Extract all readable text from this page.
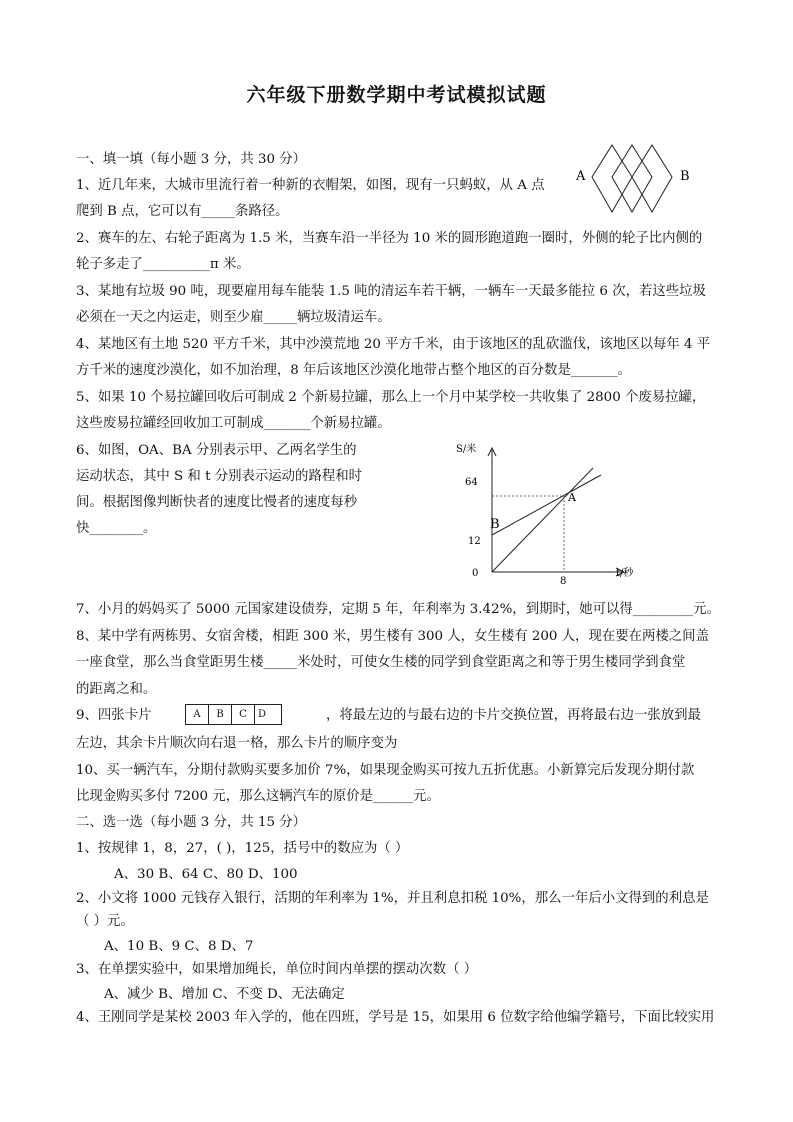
六年级下册数学期中考试模拟试题
一、填一填（每小题 3 分，共 30 分）
1、近几年来，大城市里流行着一种新的衣帽架，如图，现有一只蚂蚁，从 A 点
爬到 B 点，它可以有_____条路径。
A	B
2、赛车的左、右轮子距离为 1.5 米，当赛车沿一半径为 10 米的圆形跑道跑一圈时，外侧的轮子比内侧的
轮子多走了__________π 米。
3、某地有垃圾 90 吨，现要雇用每车能装 1.5 吨的清运车若干辆，一辆车一天最多能拉 6 次，若这些垃圾
必须在一天之内运走，则至少雇_____辆垃圾清运车。
4、某地区有土地 520 平方千米，其中沙漠荒地 20 平方千米，由于该地区的乱砍滥伐，该地区以每年 4 平
方千米的速度沙漠化，如不加治理，8 年后该地区沙漠化地带占整个地区的百分数是_______。
5、如果 10 个易拉罐回收后可制成 2 个新易拉罐，那么上一个月中某学校一共收集了 2800 个废易拉罐，
这些废易拉罐经回收加工可制成_______个新易拉罐。
6、如图，OA、BA 分别表示甲、乙两名学生的
运动状态，其中 S 和 t 分别表示运动的路程和时
间。根据图像判断快者的速度比慢者的速度每秒
快________。
S/米
t/秒
64
12
8
0
A
B
7、小月的妈妈买了 5000 元国家建设债券，定期 5 年，年利率为 3.42%，到期时，她可以得_________元。
8、某中学有两栋男、女宿舍楼，相距 300 米，男生楼有 300 人，女生楼有 200 人，现在要在两楼之间盖
一座食堂，那么当食堂距男生楼_____米处时，可使女生楼的同学到食堂距离之和等于男生楼同学到食堂
的距离之和。
9、四张卡片	A	B	C	D	，将最左边的与最右边的卡片交换位置，再将最右边一张放到最
左边，其余卡片顺次向右退一格，那么卡片的顺序变为
10、买一辆汽车，分期付款购买要多加价 7%，如果现金购买可按九五折优惠。小新算完后发现分期付款
比现金购买多付 7200 元，那么这辆汽车的原价是______元。
二、选一选（每小题 3 分，共 15 分）
1、按规律 1，8，27，( )，125，括号中的数应为（ ）
A、30 B、64 C、80 D、100
2、小文将 1000 元钱存入银行，活期的年利率为 1%，并且利息扣税 10%，那么一年后小文得到的利息是
（ ）元。
A、10 B、9 C、8 D、7
3、在单摆实验中，如果增加绳长，单位时间内单摆的摆动次数（ ）
A、减少 B、增加 C、不变 D、无法确定
4、王刚同学是某校 2003 年入学的，他在四班，学号是 15，如果用 6 位数字给他编学籍号，下面比较实用
